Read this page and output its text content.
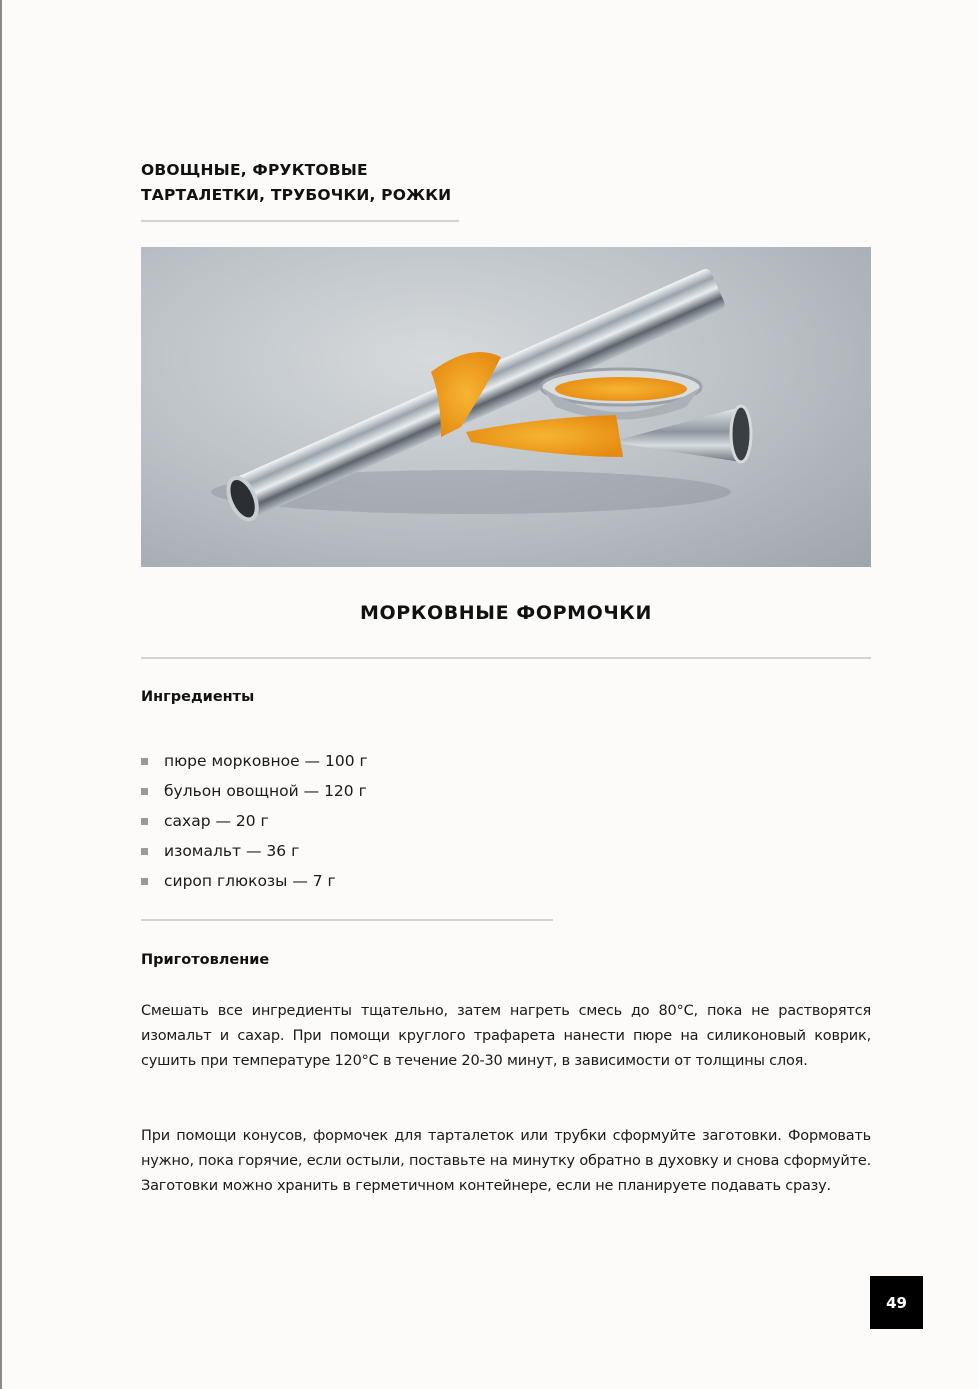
ОВОЩНЫЕ, ФРУКТОВЫЕ
ТАРТАЛЕТКИ, ТРУБОЧКИ, РОЖКИ
МОРКОВНЫЕ ФОРМОЧКИ
Ингредиенты
пюре морковное — 100 г
бульон овощной — 120 г
сахар — 20 г
изомальт — 36 г
сироп глюкозы — 7 г
Приготовление

Смешать все ингредиенты тщательно, затем нагреть смесь до 80°C, пока не растворятся изомальт и сахар. При помощи круглого трафарета нанести пюре на силиконовый коврик, сушить при температуре 120°C в течение 20-30 минут, в зависимости от толщины слоя.

При помощи конусов, формочек для тарталеток или трубки сформуйте заготовки. Формовать нужно, пока горячие, если остыли, поставьте на минутку обратно в духовку и снова сформуйте. Заготовки можно хранить в герметичном контейнере, если не планируете подавать сразу.

49
